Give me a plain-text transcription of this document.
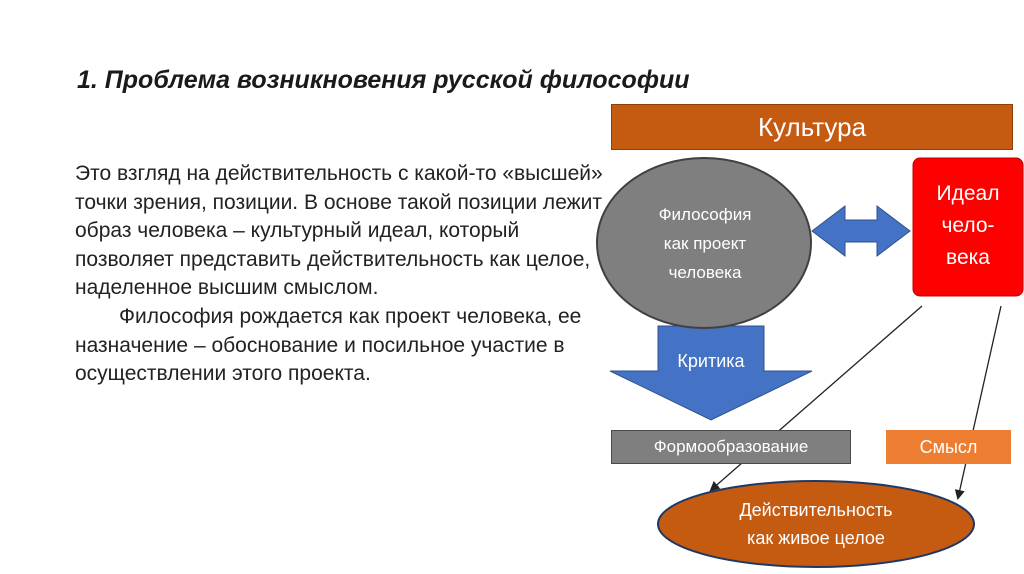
1. Проблема возникновения русской философии

Это взгляд на действительность с какой-то «высшей» точки зрения, позиции. В основе такой позиции лежит образ человека – культурный идеал, который позволяет представить действительность как целое, наделенное высшим смыслом.

Философия рождается как проект человека, ее назначение – обоснование и посильное участие в осуществлении этого проекта.

Культура
Философия
как проект
человека
Идеал
чело-
века
Критика
Формообразование	Смысл
Действительность
как живое целое
